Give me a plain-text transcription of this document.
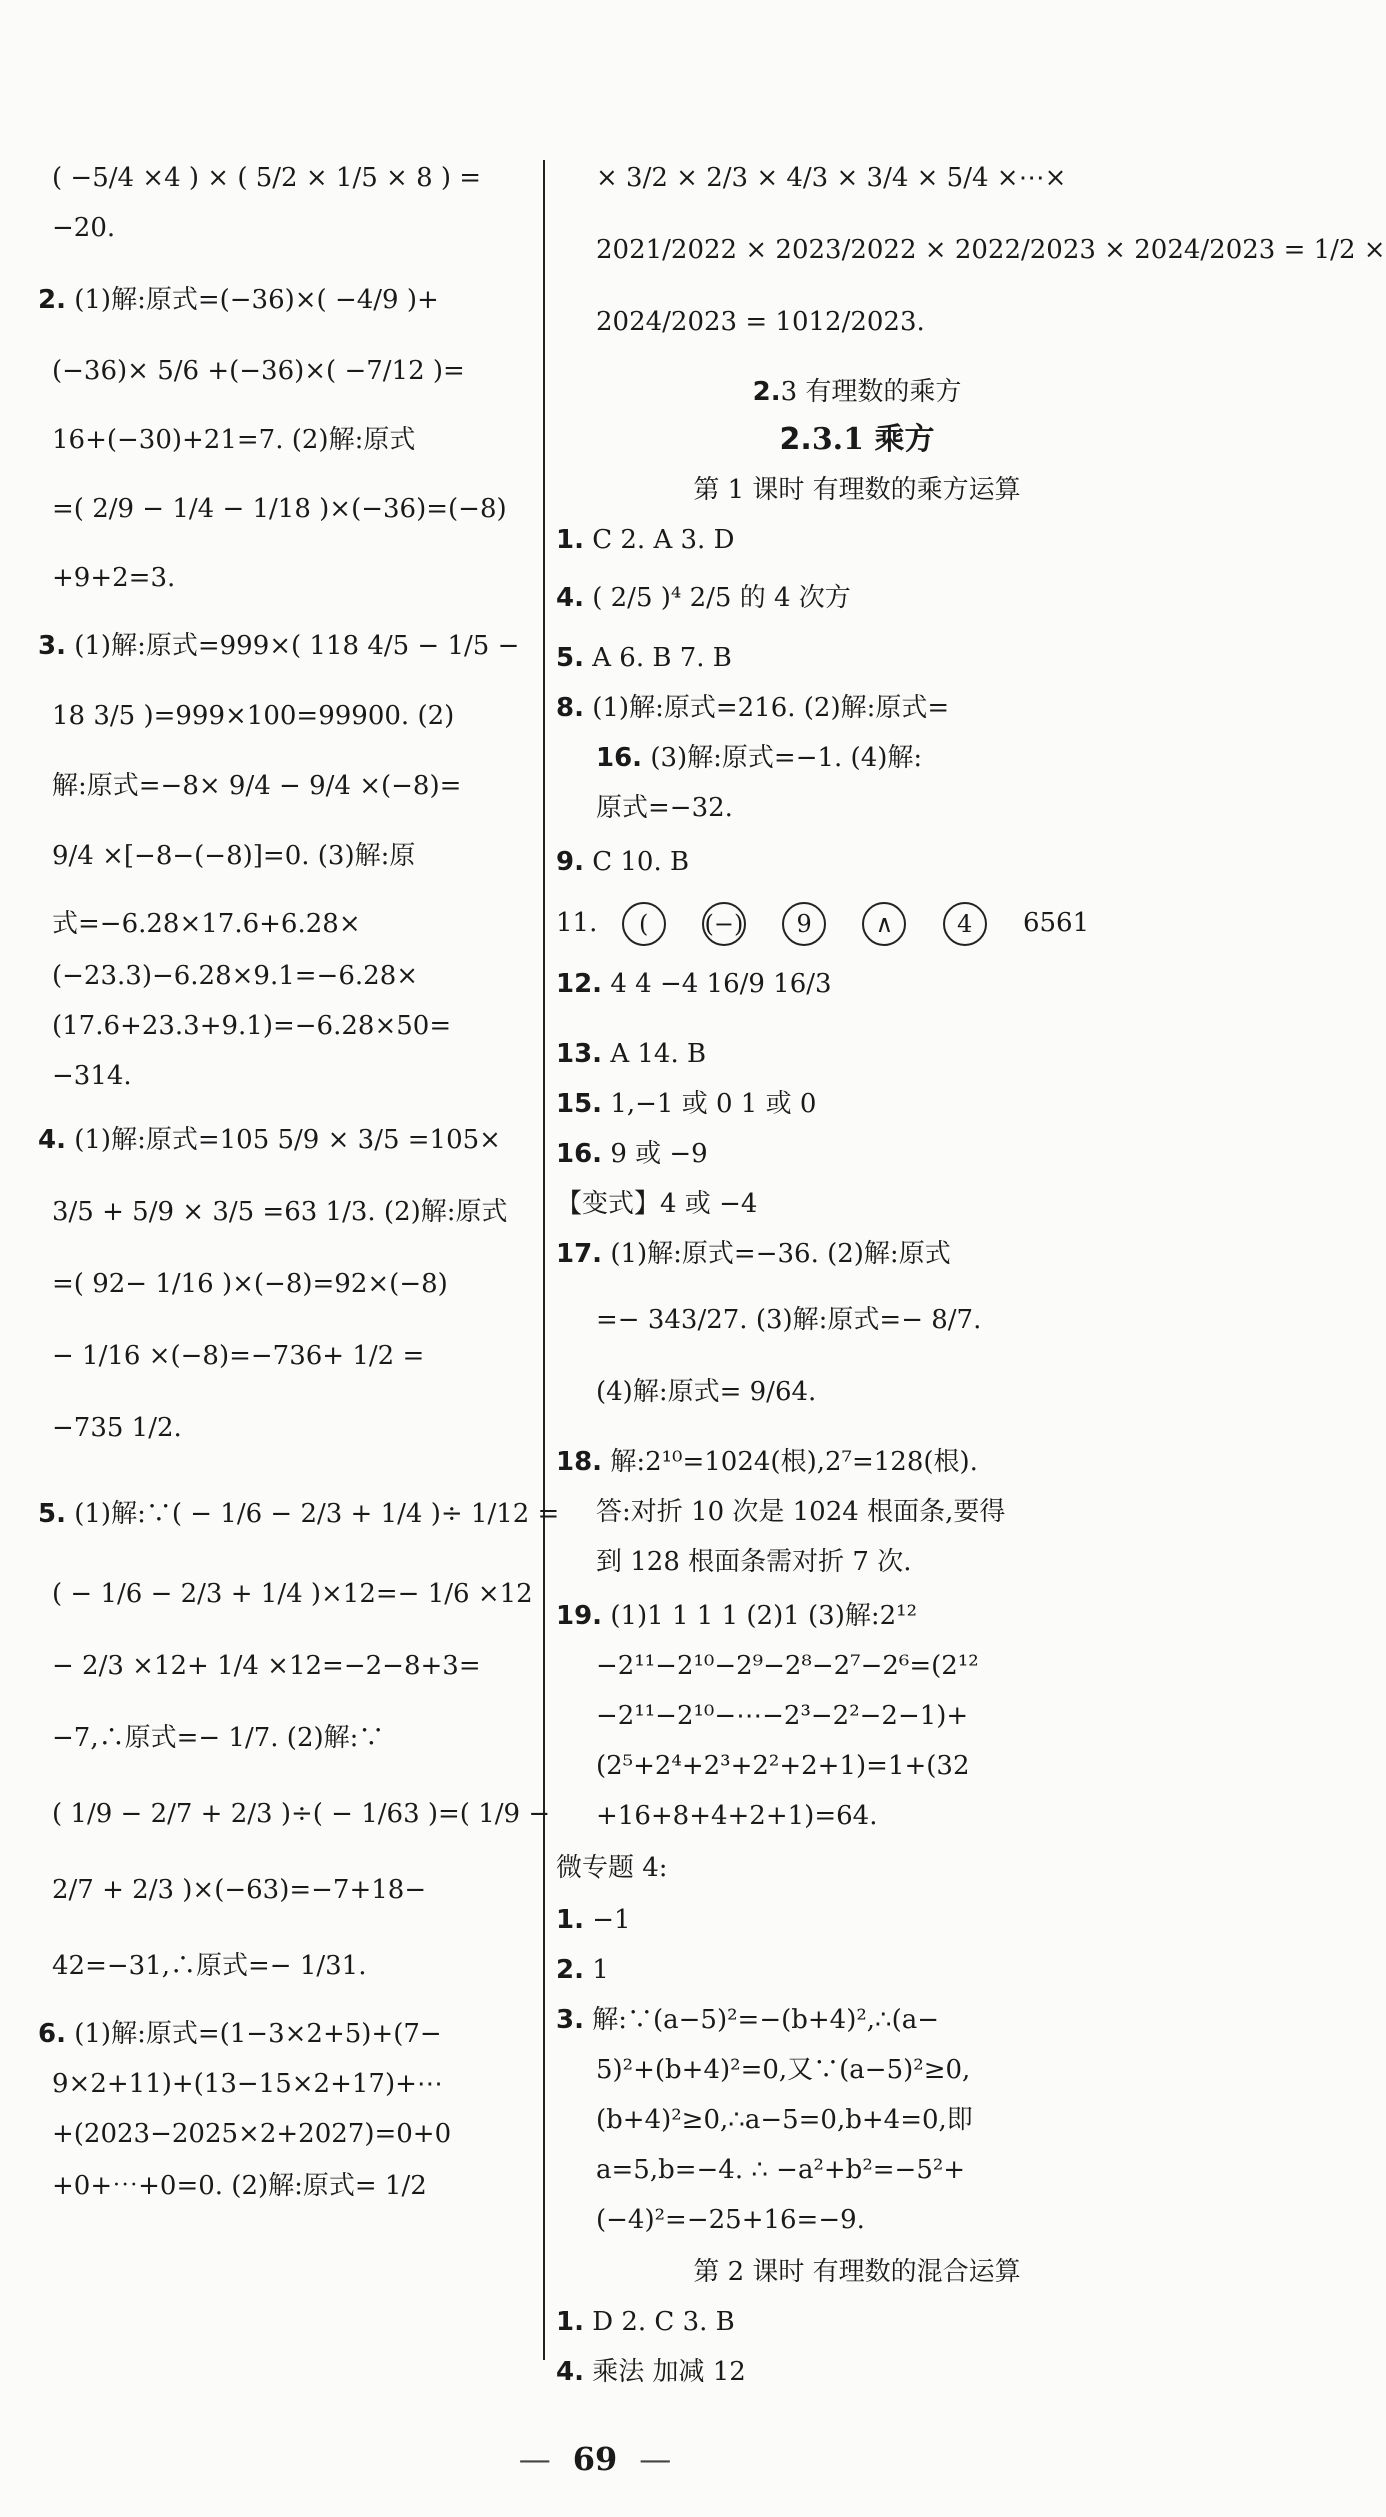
( −5/4 ×4 ) × ( 5/2 × 1/5 × 8 ) =
−20.
2. (1)解:原式=(−36)×( −4/9 )+
(−36)× 5/6 +(−36)×( −7/12 )=
16+(−30)+21=7. (2)解:原式
=( 2/9 − 1/4 − 1/18 )×(−36)=(−8)
+9+2=3.
3. (1)解:原式=999×( 118 4/5 − 1/5 −
18 3/5 )=999×100=99900. (2)
解:原式=−8× 9/4 − 9/4 ×(−8)=
9/4 ×[−8−(−8)]=0. (3)解:原
式=−6.28×17.6+6.28×
(−23.3)−6.28×9.1=−6.28×
(17.6+23.3+9.1)=−6.28×50=
−314.
4. (1)解:原式=105 5/9 × 3/5 =105×
3/5 + 5/9 × 3/5 =63 1/3. (2)解:原式
=( 92− 1/16 )×(−8)=92×(−8)
− 1/16 ×(−8)=−736+ 1/2 =
−735 1/2.
5. (1)解:∵( − 1/6 − 2/3 + 1/4 )÷ 1/12 =
( − 1/6 − 2/3 + 1/4 )×12=− 1/6 ×12
− 2/3 ×12+ 1/4 ×12=−2−8+3=
−7,∴原式=− 1/7. (2)解:∵
( 1/9 − 2/7 + 2/3 )÷( − 1/63 )=( 1/9 −
2/7 + 2/3 )×(−63)=−7+18−
42=−31,∴原式=− 1/31.
6. (1)解:原式=(1−3×2+5)+(7−
9×2+11)+(13−15×2+17)+⋯
+(2023−2025×2+2027)=0+0
+0+⋯+0=0. (2)解:原式= 1/2
× 3/2 × 2/3 × 4/3 × 3/4 × 5/4 ×⋯×
2021/2022 × 2023/2022 × 2022/2023 × 2024/2023 = 1/2 ×
2024/2023 = 1012/2023.
2.3 有理数的乘方
2.3.1 乘方
第 1 课时 有理数的乘方运算
1. C 2. A 3. D
4. ( 2/5 )⁴ 2/5 的 4 次方
5. A 6. B 7. B
8. (1)解:原式=216. (2)解:原式=
16. (3)解:原式=−1. (4)解:
原式=−32.
9. C 10. B
11. ( (−) 9	∧	4 6561
12. 4 4 −4 16/9 16/3
13. A 14. B
15. 1,−1 或 0 1 或 0
16. 9 或 −9
【变式】4 或 −4
17. (1)解:原式=−36. (2)解:原式
=− 343/27. (3)解:原式=− 8/7.
(4)解:原式= 9/64.
18. 解:2¹⁰=1024(根),2⁷=128(根).
答:对折 10 次是 1024 根面条,要得
到 128 根面条需对折 7 次.
19. (1)1 1 1 1 (2)1 (3)解:2¹²
−2¹¹−2¹⁰−2⁹−2⁸−2⁷−2⁶=(2¹²
−2¹¹−2¹⁰−⋯−2³−2²−2−1)+
(2⁵+2⁴+2³+2²+2+1)=1+(32
+16+8+4+2+1)=64.
微专题 4:
1. −1
2. 1
3. 解:∵(a−5)²=−(b+4)²,∴(a−
5)²+(b+4)²=0,又∵(a−5)²≥0,
(b+4)²≥0,∴a−5=0,b+4=0,即
a=5,b=−4. ∴ −a²+b²=−5²+
(−4)²=−25+16=−9.
第 2 课时 有理数的混合运算
1. D 2. C 3. B
4. 乘法 加减 12
— 69 —
